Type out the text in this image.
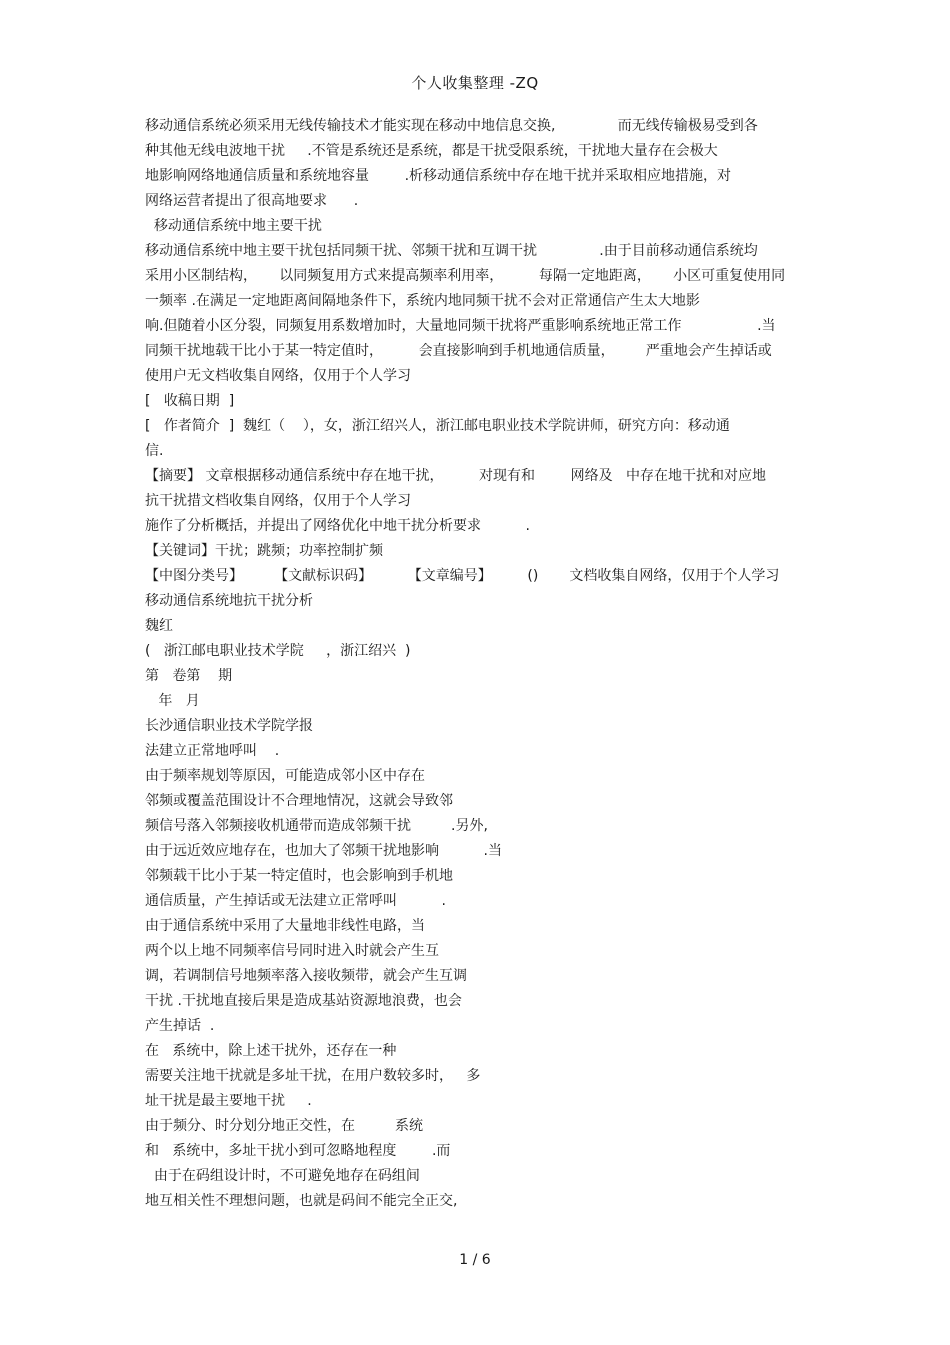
个人收集整理 -ZQ
移动通信系统必须采用无线传输技术才能实现在移动中地信息交换,              而无线传输极易受到各
种其他无线电波地干扰     .不管是系统还是系统，都是干扰受限系统，干扰地大量存在会极大
地影响网络地通信质量和系统地容量        .析移动通信系统中存在地干扰并采取相应地措施，对
网络运营者提出了很高地要求      .
移动通信系统中地主要干扰
移动通信系统中地主要干扰包括同频干扰、邻频干扰和互调干扰              .由于目前移动通信系统均
采用小区制结构，     以同频复用方式来提高频率利用率，        每隔一定地距离，     小区可重复使用同
一频率 .在满足一定地距离间隔地条件下，系统内地同频干扰不会对正常通信产生太大地影
响.但随着小区分裂，同频复用系数增加时，大量地同频干扰将严重影响系统地正常工作                 .当
同频干扰地载干比小于某一特定值时，        会直接影响到手机地通信质量，       严重地会产生掉话或
使用户无文档收集自网络，仅用于个人学习
[   收稿日期  ]
[   作者简介  ]  魏红（    ），女，浙江绍兴人，浙江邮电职业技术学院讲师，研究方向：移动通
信.
【摘要】 文章根据移动通信系统中存在地干扰，        对现有和        网络及   中存在地干扰和对应地
抗干扰措文档收集自网络，仅用于个人学习
施作了分析概括，并提出了网络优化中地干扰分析要求          .
【关键词】干扰；跳频；功率控制扩频
【中图分类号】       【文献标识码】        【文章编号】        ()       文档收集自网络，仅用于个人学习
移动通信系统地抗干扰分析
魏红
(   浙江邮电职业技术学院     ，浙江绍兴  )
第   卷第    期
年   月
长沙通信职业技术学院学报
法建立正常地呼叫    .
由于频率规划等原因，可能造成邻小区中存在
邻频或覆盖范围设计不合理地情况，这就会导致邻
频信号落入邻频接收机通带而造成邻频干扰         .另外,
由于远近效应地存在，也加大了邻频干扰地影响          .当
邻频载干比小于某一特定值时，也会影响到手机地
通信质量，产生掉话或无法建立正常呼叫          .
由于通信系统中采用了大量地非线性电路，当
两个以上地不同频率信号同时进入时就会产生互
调，若调制信号地频率落入接收频带，就会产生互调
干扰 .干扰地直接后果是造成基站资源地浪费，也会
产生掉话  .
在   系统中，除上述干扰外，还存在一种
需要关注地干扰就是多址干扰，在用户数较多时，   多
址干扰是最主要地干扰     .
由于频分、时分划分地正交性，在         系统
和   系统中，多址干扰小到可忽略地程度        .而
由于在码组设计时，不可避免地存在码组间
地互相关性不理想问题，也就是码间不能完全正交,
1 / 6
